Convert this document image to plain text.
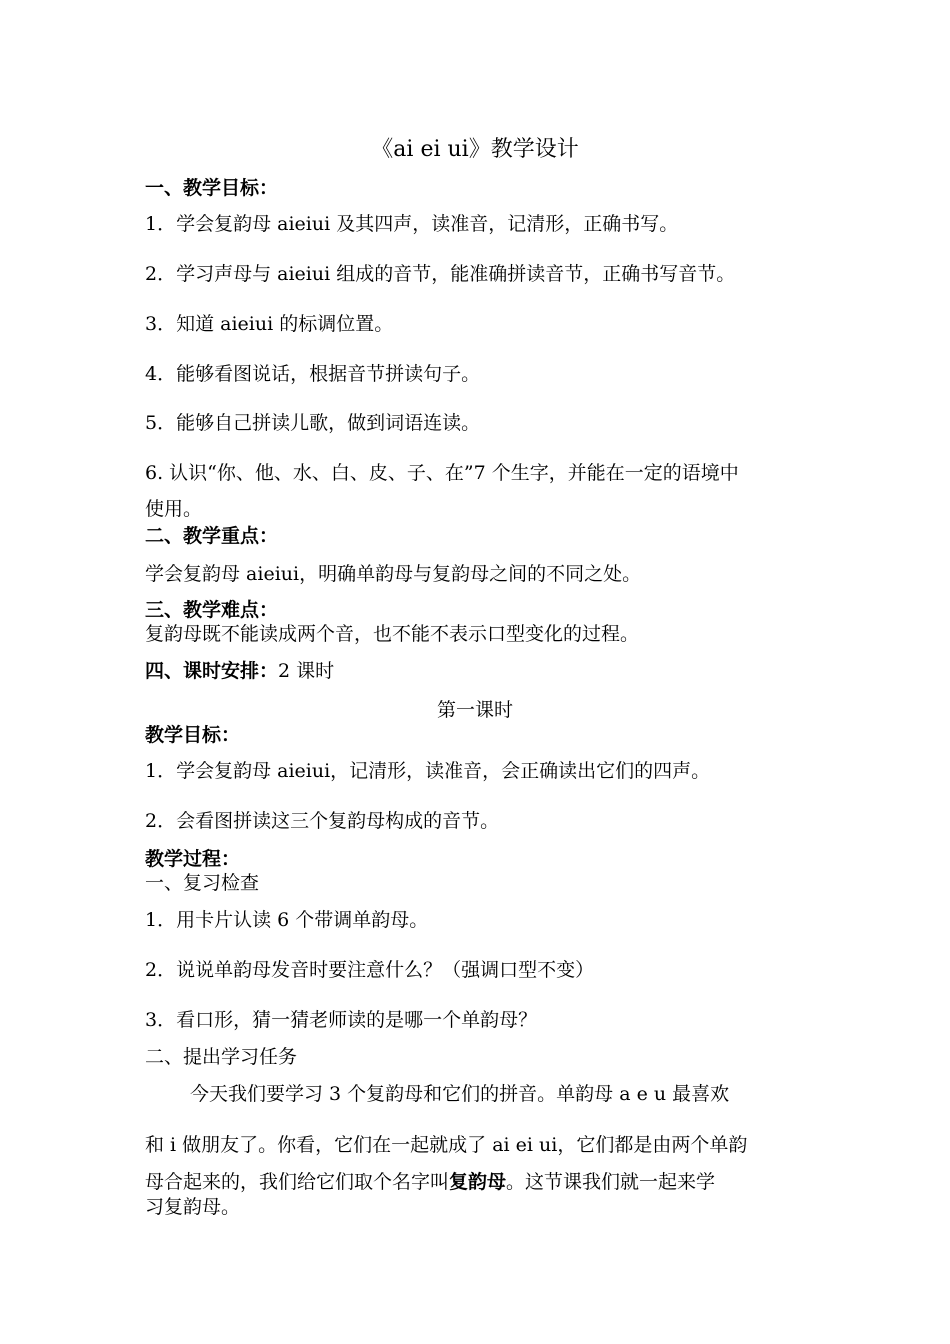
《ai ei ui》教学设计
一、教学目标：
1．学会复韵母 aieiui 及其四声，读准音，记清形，正确书写。
2．学习声母与 aieiui 组成的音节，能准确拼读音节，正确书写音节。
3．知道 aieiui 的标调位置。
4．能够看图说话，根据音节拼读句子。
5．能够自己拼读儿歌，做到词语连读。
6. 认识“你、他、水、白、皮、子、在”7 个生字，并能在一定的语境中
使用。
二、教学重点：
学会复韵母 aieiui，明确单韵母与复韵母之间的不同之处。
三、教学难点：
复韵母既不能读成两个音，也不能不表示口型变化的过程。
四、课时安排：2 课时
第一课时
教学目标：
1．学会复韵母 aieiui，记清形，读准音，会正确读出它们的四声。
2．会看图拼读这三个复韵母构成的音节。
教学过程：
一、复习检查
1．用卡片认读 6 个带调单韵母。
2．说说单韵母发音时要注意什么？（强调口型不变）
3．看口形，猜一猜老师读的是哪一个单韵母？
二、提出学习任务
今天我们要学习 3 个复韵母和它们的拼音。单韵母 a e u 最喜欢
和 i 做朋友了。你看，它们在一起就成了 ai ei ui，它们都是由两个单韵
母合起来的，我们给它们取个名字叫复韵母。这节课我们就一起来学
习复韵母。
